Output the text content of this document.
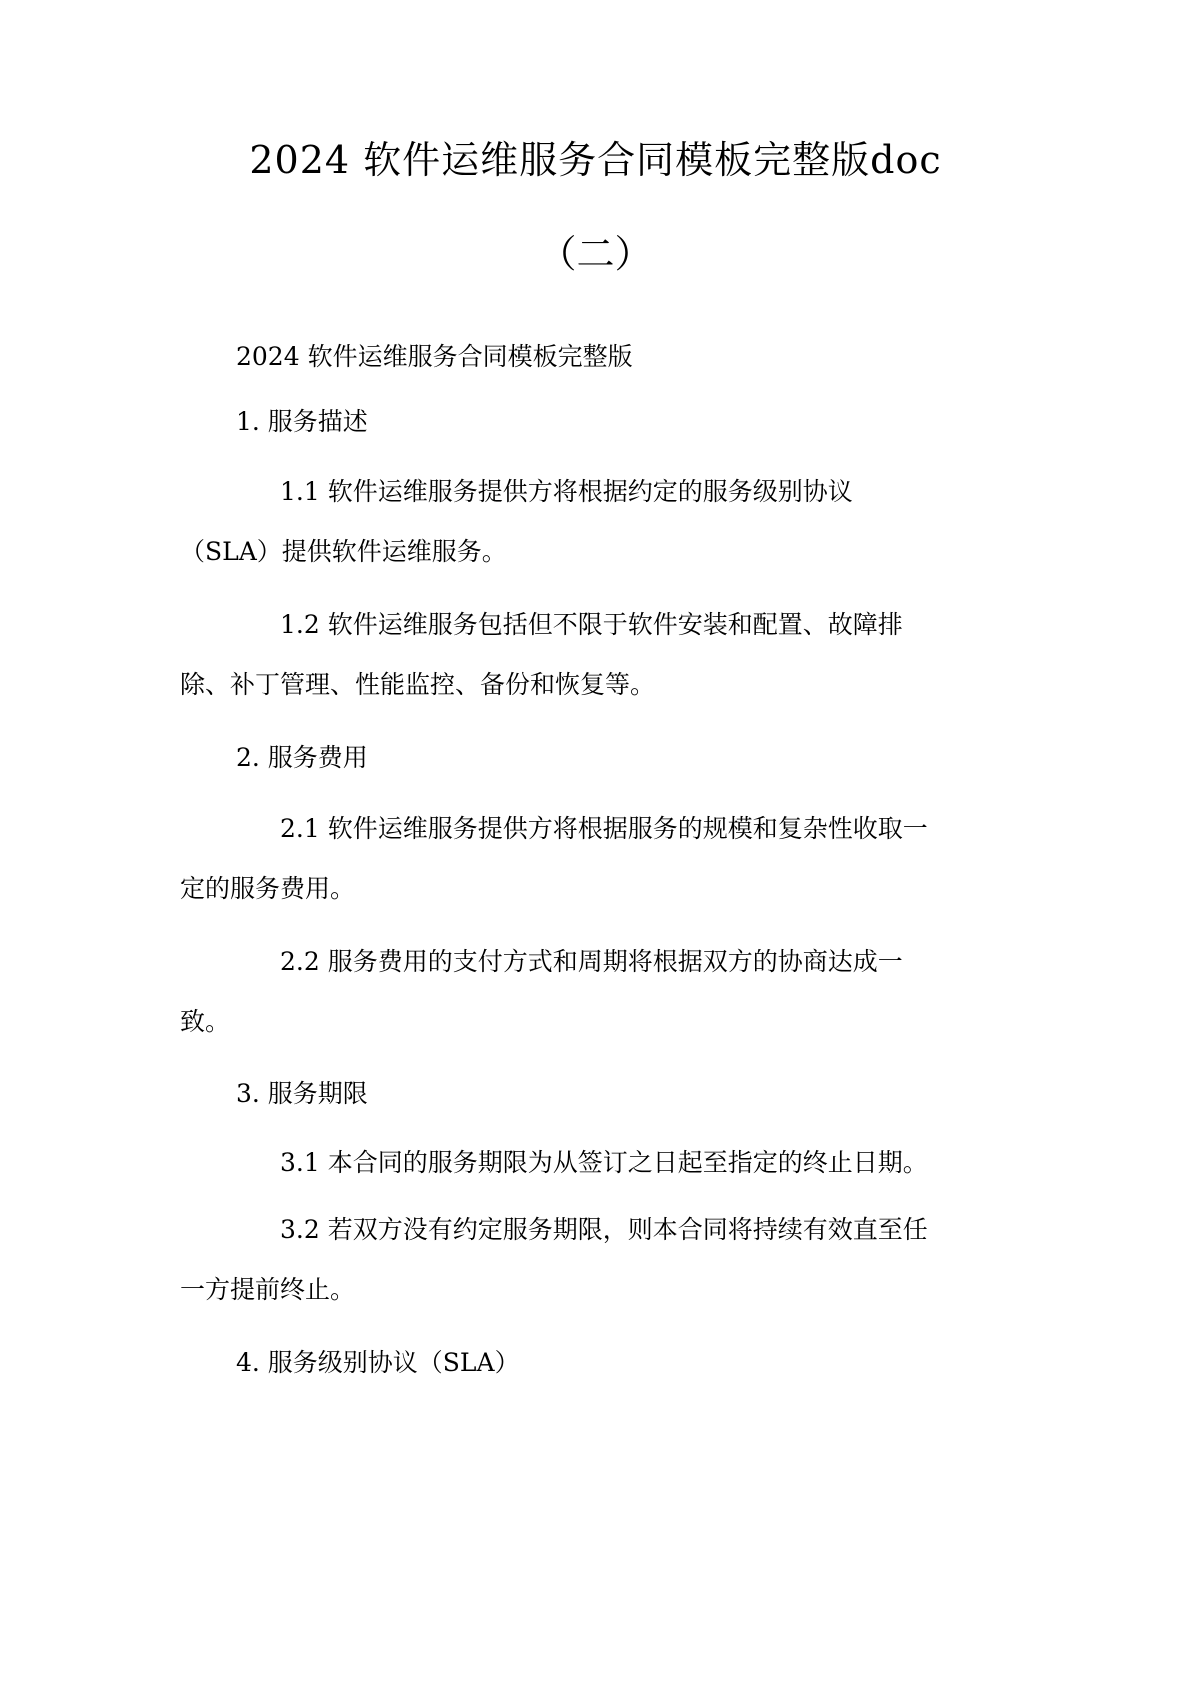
2024 软件运维服务合同模板完整版doc
（二）
2024 软件运维服务合同模板完整版
1. 服务描述
1.1 软件运维服务提供方将根据约定的服务级别协议
（SLA）提供软件运维服务。
1.2 软件运维服务包括但不限于软件安装和配置、故障排
除、补丁管理、性能监控、备份和恢复等。
2. 服务费用
2.1 软件运维服务提供方将根据服务的规模和复杂性收取一
定的服务费用。
2.2 服务费用的支付方式和周期将根据双方的协商达成一
致。
3. 服务期限
3.1 本合同的服务期限为从签订之日起至指定的终止日期。
3.2 若双方没有约定服务期限，则本合同将持续有效直至任
一方提前终止。
4. 服务级别协议（SLA）
